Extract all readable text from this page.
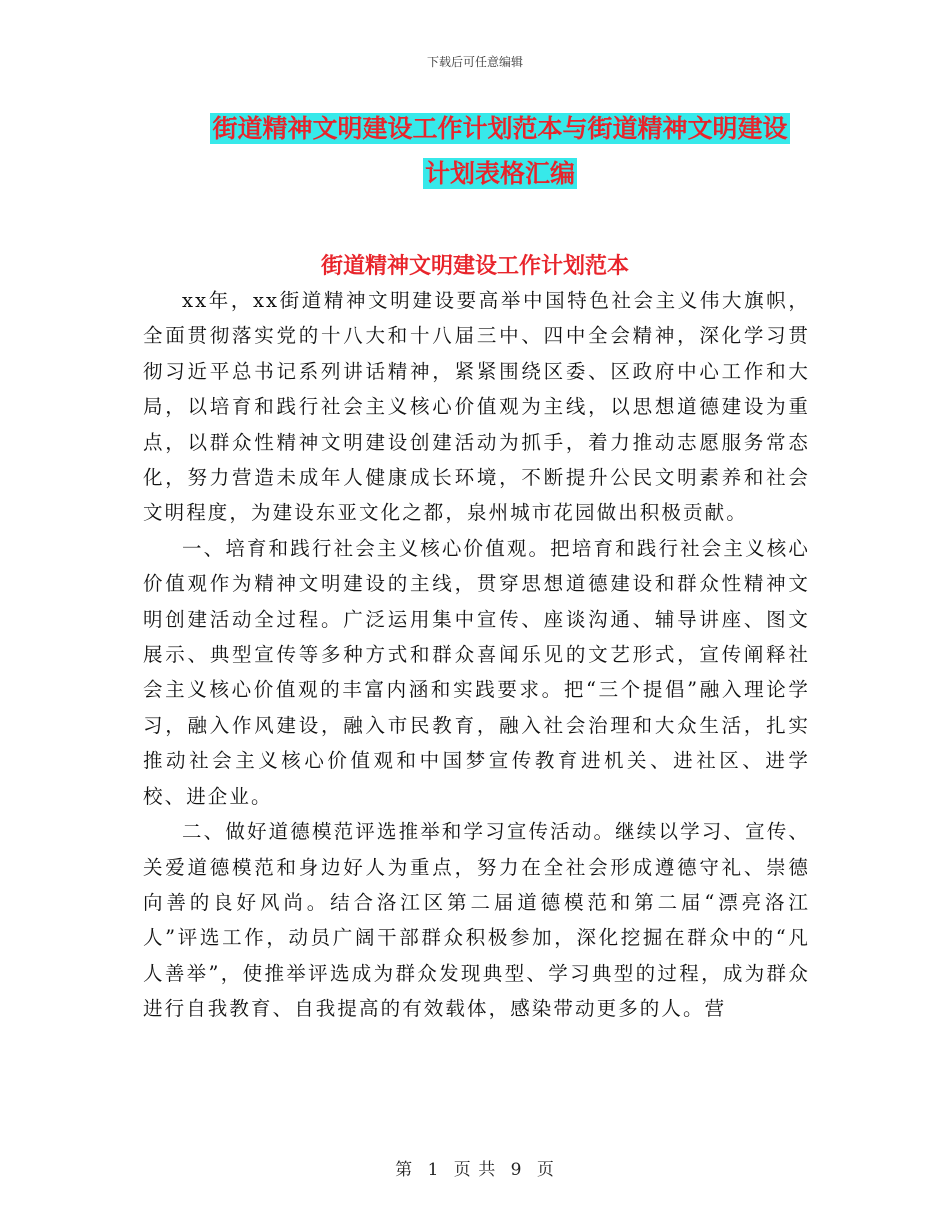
下载后可任意编辑
街道精神文明建设工作计划范本与街道精神文明建设
计划表格汇编
街道精神文明建设工作计划范本

xx年，xx街道精神文明建设要高举中国特色社会主义伟大旗帜，全面贯彻落实党的十八大和十八届三中、四中全会精神，深化学习贯彻习近平总书记系列讲话精神，紧紧围绕区委、区政府中心工作和大局，以培育和践行社会主义核心价值观为主线，以思想道德建设为重点，以群众性精神文明建设创建活动为抓手，着力推动志愿服务常态化，努力营造未成年人健康成长环境，不断提升公民文明素养和社会文明程度，为建设东亚文化之都，泉州城市花园做出积极贡献。

一、培育和践行社会主义核心价值观。把培育和践行社会主义核心价值观作为精神文明建设的主线，贯穿思想道德建设和群众性精神文明创建活动全过程。广泛运用集中宣传、座谈沟通、辅导讲座、图文展示、典型宣传等多种方式和群众喜闻乐见的文艺形式，宣传阐释社会主义核心价值观的丰富内涵和实践要求。把“三个提倡”融入理论学习，融入作风建设，融入市民教育，融入社会治理和大众生活，扎实推动社会主义核心价值观和中国梦宣传教育进机关、进社区、进学校、进企业。

二、做好道德模范评选推举和学习宣传活动。继续以学习、宣传、关爱道德模范和身边好人为重点，努力在全社会形成遵德守礼、崇德向善的良好风尚。结合洛江区第二届道德模范和第二届“漂亮洛江人”评选工作，动员广阔干部群众积极参加，深化挖掘在群众中的“凡人善举”，使推举评选成为群众发现典型、学习典型的过程，成为群众进行自我教育、自我提高的有效载体，感染带动更多的人。营

第 1 页 共 9 页
